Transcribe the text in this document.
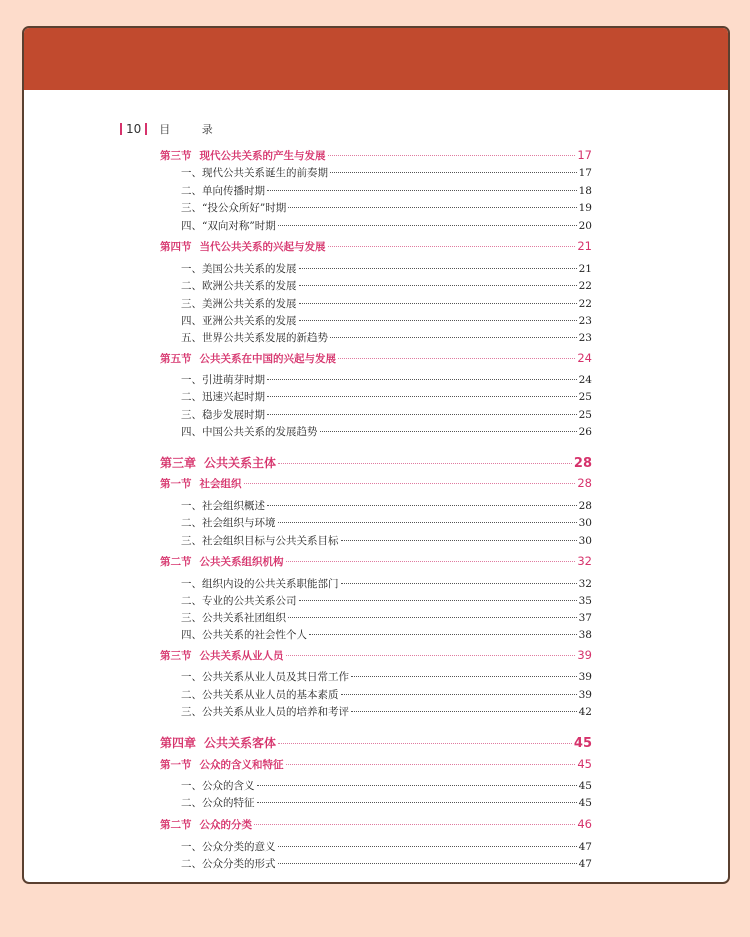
10 目 录
第三节 现代公共关系的产生与发展	17
一、现代公共关系诞生的前奏期	17
二、单向传播时期	18
三、“投公众所好”时期	19
四、“双向对称”时期	20
第四节 当代公共关系的兴起与发展	21
一、美国公共关系的发展	21
二、欧洲公共关系的发展	22
三、美洲公共关系的发展	22
四、亚洲公共关系的发展	23
五、世界公共关系发展的新趋势	23
第五节 公共关系在中国的兴起与发展	24
一、引进萌芽时期	24
二、迅速兴起时期	25
三、稳步发展时期	25
四、中国公共关系的发展趋势	26
第三章 公共关系主体	28
第一节 社会组织	28
一、社会组织概述	28
二、社会组织与环境	30
三、社会组织目标与公共关系目标	30
第二节 公共关系组织机构	32
一、组织内设的公共关系职能部门	32
二、专业的公共关系公司	35
三、公共关系社团组织	37
四、公共关系的社会性个人	38
第三节 公共关系从业人员	39
一、公共关系从业人员及其日常工作	39
二、公共关系从业人员的基本素质	39
三、公共关系从业人员的培养和考评	42
第四章 公共关系客体	45
第一节 公众的含义和特征	45
一、公众的含义	45
二、公众的特征	45
第二节 公众的分类	46
一、公众分类的意义	47
二、公众分类的形式	47
